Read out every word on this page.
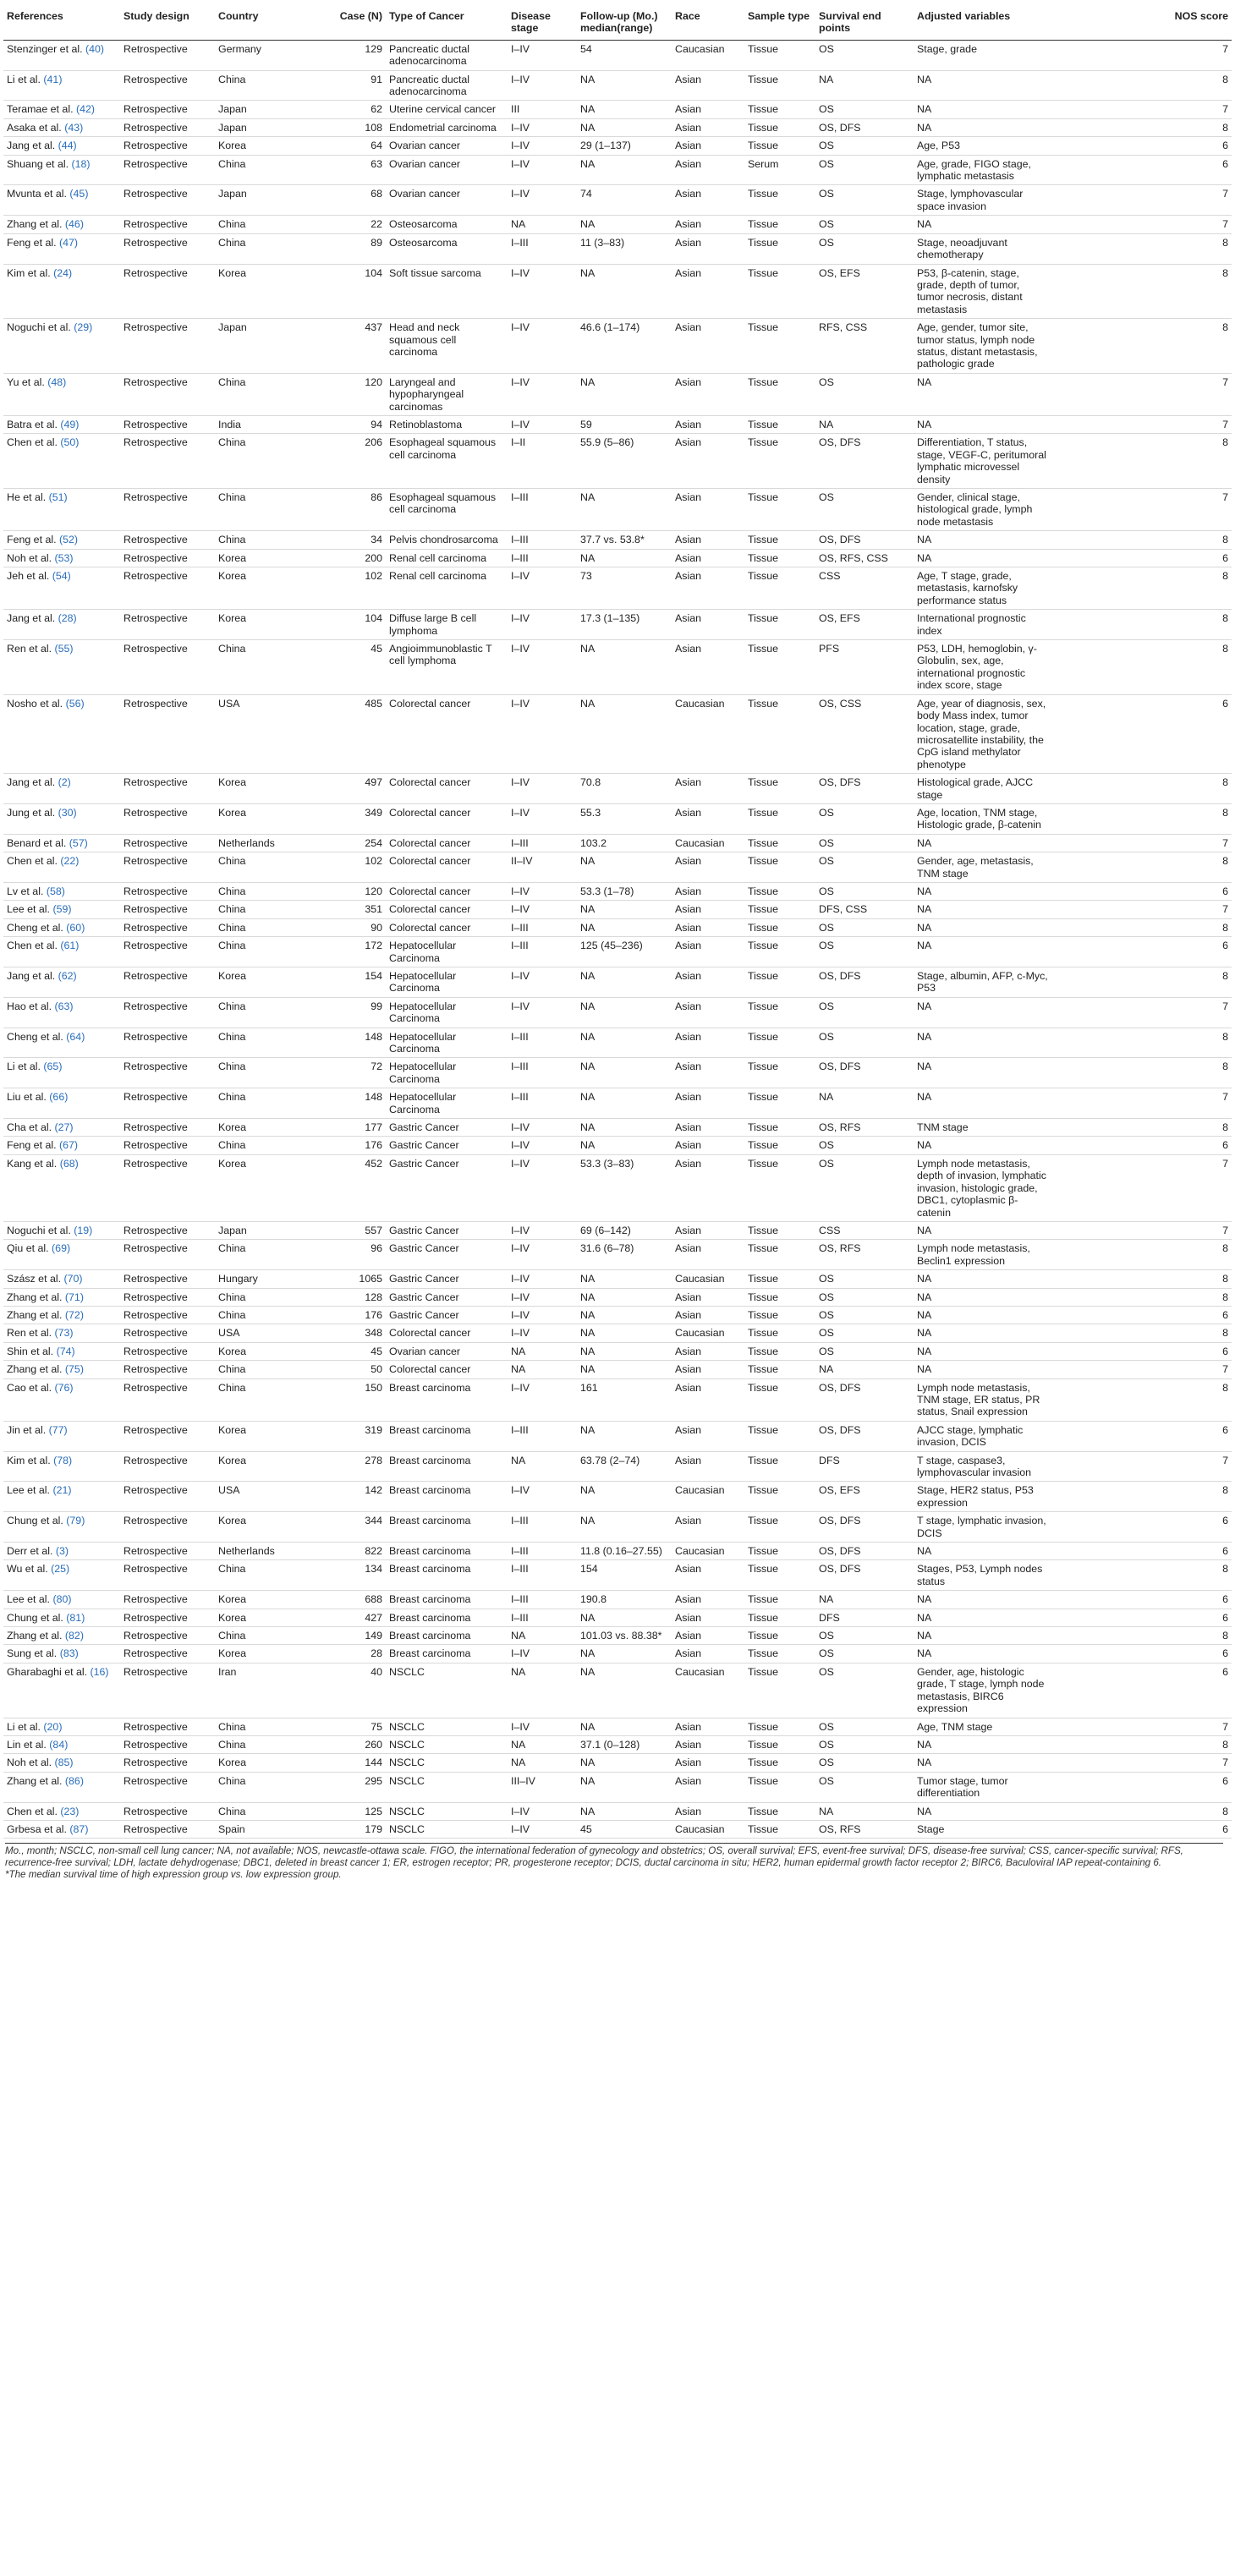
References	Study design	Country	Case (N)	Type of Cancer	Disease stage	Follow-up (Mo.) median(range)	Race	Sample type	Survival end points	Adjusted variables	NOS score
Stenzinger et al. (40)	Retrospective	Germany	129	Pancreatic ductal adenocarcinoma	I–IV	54	Caucasian	Tissue	OS	Stage, grade	7
Li et al. (41)	Retrospective	China	91	Pancreatic ductal adenocarcinoma	I–IV	NA	Asian	Tissue	NA	NA	8
Teramae et al. (42)	Retrospective	Japan	62	Uterine cervical cancer	III	NA	Asian	Tissue	OS	NA	7
Asaka et al. (43)	Retrospective	Japan	108	Endometrial carcinoma	I–IV	NA	Asian	Tissue	OS, DFS	NA	8
Jang et al. (44)	Retrospective	Korea	64	Ovarian cancer	I–IV	29 (1–137)	Asian	Tissue	OS	Age, P53	6
Shuang et al. (18)	Retrospective	China	63	Ovarian cancer	I–IV	NA	Asian	Serum	OS	Age, grade, FIGO stage, lymphatic metastasis	6
Mvunta et al. (45)	Retrospective	Japan	68	Ovarian cancer	I–IV	74	Asian	Tissue	OS	Stage, lymphovascular space invasion	7
Zhang et al. (46)	Retrospective	China	22	Osteosarcoma	NA	NA	Asian	Tissue	OS	NA	7
Feng et al. (47)	Retrospective	China	89	Osteosarcoma	I–III	11 (3–83)	Asian	Tissue	OS	Stage, neoadjuvant chemotherapy	8
Kim et al. (24)	Retrospective	Korea	104	Soft tissue sarcoma	I–IV	NA	Asian	Tissue	OS, EFS	P53, β-catenin, stage, grade, depth of tumor, tumor necrosis, distant metastasis	8
Noguchi et al. (29)	Retrospective	Japan	437	Head and neck squamous cell carcinoma	I–IV	46.6 (1–174)	Asian	Tissue	RFS, CSS	Age, gender, tumor site, tumor status, lymph node status, distant metastasis, pathologic grade	8
Yu et al. (48)	Retrospective	China	120	Laryngeal and hypopharyngeal carcinomas	I–IV	NA	Asian	Tissue	OS	NA	7
Batra et al. (49)	Retrospective	India	94	Retinoblastoma	I–IV	59	Asian	Tissue	NA	NA	7
Chen et al. (50)	Retrospective	China	206	Esophageal squamous cell carcinoma	I–II	55.9 (5–86)	Asian	Tissue	OS, DFS	Differentiation, T status, stage, VEGF-C, peritumoral lymphatic microvessel density	8
He et al. (51)	Retrospective	China	86	Esophageal squamous cell carcinoma	I–III	NA	Asian	Tissue	OS	Gender, clinical stage, histological grade, lymph node metastasis	7
Feng et al. (52)	Retrospective	China	34	Pelvis chondrosarcoma	I–III	37.7 vs. 53.8*	Asian	Tissue	OS, DFS	NA	8
Noh et al. (53)	Retrospective	Korea	200	Renal cell carcinoma	I–III	NA	Asian	Tissue	OS, RFS, CSS	NA	6
Jeh et al. (54)	Retrospective	Korea	102	Renal cell carcinoma	I–IV	73	Asian	Tissue	CSS	Age, T stage, grade, metastasis, karnofsky performance status	8
Jang et al. (28)	Retrospective	Korea	104	Diffuse large B cell lymphoma	I–IV	17.3 (1–135)	Asian	Tissue	OS, EFS	International prognostic index	8
Ren et al. (55)	Retrospective	China	45	Angioimmunoblastic T cell lymphoma	I–IV	NA	Asian	Tissue	PFS	P53, LDH, hemoglobin, γ-Globulin, sex, age, international prognostic index score, stage	8
Nosho et al. (56)	Retrospective	USA	485	Colorectal cancer	I–IV	NA	Caucasian	Tissue	OS, CSS	Age, year of diagnosis, sex, body Mass index, tumor location, stage, grade, microsatellite instability, the CpG island methylator phenotype	6
Jang et al. (2)	Retrospective	Korea	497	Colorectal cancer	I–IV	70.8	Asian	Tissue	OS, DFS	Histological grade, AJCC stage	8
Jung et al. (30)	Retrospective	Korea	349	Colorectal cancer	I–IV	55.3	Asian	Tissue	OS	Age, location, TNM stage, Histologic grade, β-catenin	8
Benard et al. (57)	Retrospective	Netherlands	254	Colorectal cancer	I–III	103.2	Caucasian	Tissue	OS	NA	7
Chen et al. (22)	Retrospective	China	102	Colorectal cancer	II–IV	NA	Asian	Tissue	OS	Gender, age, metastasis, TNM stage	8
Lv et al. (58)	Retrospective	China	120	Colorectal cancer	I–IV	53.3 (1–78)	Asian	Tissue	OS	NA	6
Lee et al. (59)	Retrospective	China	351	Colorectal cancer	I–IV	NA	Asian	Tissue	DFS, CSS	NA	7
Cheng et al. (60)	Retrospective	China	90	Colorectal cancer	I–III	NA	Asian	Tissue	OS	NA	8
Chen et al. (61)	Retrospective	China	172	Hepatocellular Carcinoma	I–III	125 (45–236)	Asian	Tissue	OS	NA	6
Jang et al. (62)	Retrospective	Korea	154	Hepatocellular Carcinoma	I–IV	NA	Asian	Tissue	OS, DFS	Stage, albumin, AFP, c-Myc, P53	8
Hao et al. (63)	Retrospective	China	99	Hepatocellular Carcinoma	I–IV	NA	Asian	Tissue	OS	NA	7
Cheng et al. (64)	Retrospective	China	148	Hepatocellular Carcinoma	I–III	NA	Asian	Tissue	OS	NA	8
Li et al. (65)	Retrospective	China	72	Hepatocellular Carcinoma	I–III	NA	Asian	Tissue	OS, DFS	NA	8
Liu et al. (66)	Retrospective	China	148	Hepatocellular Carcinoma	I–III	NA	Asian	Tissue	NA	NA	7
Cha et al. (27)	Retrospective	Korea	177	Gastric Cancer	I–IV	NA	Asian	Tissue	OS, RFS	TNM stage	8
Feng et al. (67)	Retrospective	China	176	Gastric Cancer	I–IV	NA	Asian	Tissue	OS	NA	6
Kang et al. (68)	Retrospective	Korea	452	Gastric Cancer	I–IV	53.3 (3–83)	Asian	Tissue	OS	Lymph node metastasis, depth of invasion, lymphatic invasion, histologic grade, DBC1, cytoplasmic β-catenin	7
Noguchi et al. (19)	Retrospective	Japan	557	Gastric Cancer	I–IV	69 (6–142)	Asian	Tissue	CSS	NA	7
Qiu et al. (69)	Retrospective	China	96	Gastric Cancer	I–IV	31.6 (6–78)	Asian	Tissue	OS, RFS	Lymph node metastasis, Beclin1 expression	8
Szász et al. (70)	Retrospective	Hungary	1065	Gastric Cancer	I–IV	NA	Caucasian	Tissue	OS	NA	8
Zhang et al. (71)	Retrospective	China	128	Gastric Cancer	I–IV	NA	Asian	Tissue	OS	NA	8
Zhang et al. (72)	Retrospective	China	176	Gastric Cancer	I–IV	NA	Asian	Tissue	OS	NA	6
Ren et al. (73)	Retrospective	USA	348	Colorectal cancer	I–IV	NA	Caucasian	Tissue	OS	NA	8
Shin et al. (74)	Retrospective	Korea	45	Ovarian cancer	NA	NA	Asian	Tissue	OS	NA	6
Zhang et al. (75)	Retrospective	China	50	Colorectal cancer	NA	NA	Asian	Tissue	NA	NA	7
Cao et al. (76)	Retrospective	China	150	Breast carcinoma	I–IV	161	Asian	Tissue	OS, DFS	Lymph node metastasis, TNM stage, ER status, PR status, Snail expression	8
Jin et al. (77)	Retrospective	Korea	319	Breast carcinoma	I–III	NA	Asian	Tissue	OS, DFS	AJCC stage, lymphatic invasion, DCIS	6
Kim et al. (78)	Retrospective	Korea	278	Breast carcinoma	NA	63.78 (2–74)	Asian	Tissue	DFS	T stage, caspase3, lymphovascular invasion	7
Lee et al. (21)	Retrospective	USA	142	Breast carcinoma	I–IV	NA	Caucasian	Tissue	OS, EFS	Stage, HER2 status, P53 expression	8
Chung et al. (79)	Retrospective	Korea	344	Breast carcinoma	I–III	NA	Asian	Tissue	OS, DFS	T stage, lymphatic invasion, DCIS	6
Derr et al. (3)	Retrospective	Netherlands	822	Breast carcinoma	I–III	11.8 (0.16–27.55)	Caucasian	Tissue	OS, DFS	NA	6
Wu et al. (25)	Retrospective	China	134	Breast carcinoma	I–III	154	Asian	Tissue	OS, DFS	Stages, P53, Lymph nodes status	8
Lee et al. (80)	Retrospective	Korea	688	Breast carcinoma	I–III	190.8	Asian	Tissue	NA	NA	6
Chung et al. (81)	Retrospective	Korea	427	Breast carcinoma	I–III	NA	Asian	Tissue	DFS	NA	6
Zhang et al. (82)	Retrospective	China	149	Breast carcinoma	NA	101.03 vs. 88.38*	Asian	Tissue	OS	NA	8
Sung et al. (83)	Retrospective	Korea	28	Breast carcinoma	I–IV	NA	Asian	Tissue	OS	NA	6
Gharabaghi et al. (16)	Retrospective	Iran	40	NSCLC	NA	NA	Caucasian	Tissue	OS	Gender, age, histologic grade, T stage, lymph node metastasis, BIRC6 expression	6
Li et al. (20)	Retrospective	China	75	NSCLC	I–IV	NA	Asian	Tissue	OS	Age, TNM stage	7
Lin et al. (84)	Retrospective	China	260	NSCLC	NA	37.1 (0–128)	Asian	Tissue	OS	NA	8
Noh et al. (85)	Retrospective	Korea	144	NSCLC	NA	NA	Asian	Tissue	OS	NA	7
Zhang et al. (86)	Retrospective	China	295	NSCLC	III–IV	NA	Asian	Tissue	OS	Tumor stage, tumor differentiation	6
Chen et al. (23)	Retrospective	China	125	NSCLC	I–IV	NA	Asian	Tissue	NA	NA	8
Grbesa et al. (87)	Retrospective	Spain	179	NSCLC	I–IV	45	Caucasian	Tissue	OS, RFS	Stage	6

Mo., month; NSCLC, non-small cell lung cancer; NA, not available; NOS, newcastle-ottawa scale. FIGO, the international federation of gynecology and obstetrics; OS, overall survival; EFS, event-free survival; DFS, disease-free survival; CSS, cancer-specific survival; RFS, recurrence-free survival; LDH, lactate dehydrogenase; DBC1, deleted in breast cancer 1; ER, estrogen receptor; PR, progesterone receptor; DCIS, ductal carcinoma in situ; HER2, human epidermal growth factor receptor 2; BIRC6, Baculoviral IAP repeat-containing 6.

*The median survival time of high expression group vs. low expression group.
